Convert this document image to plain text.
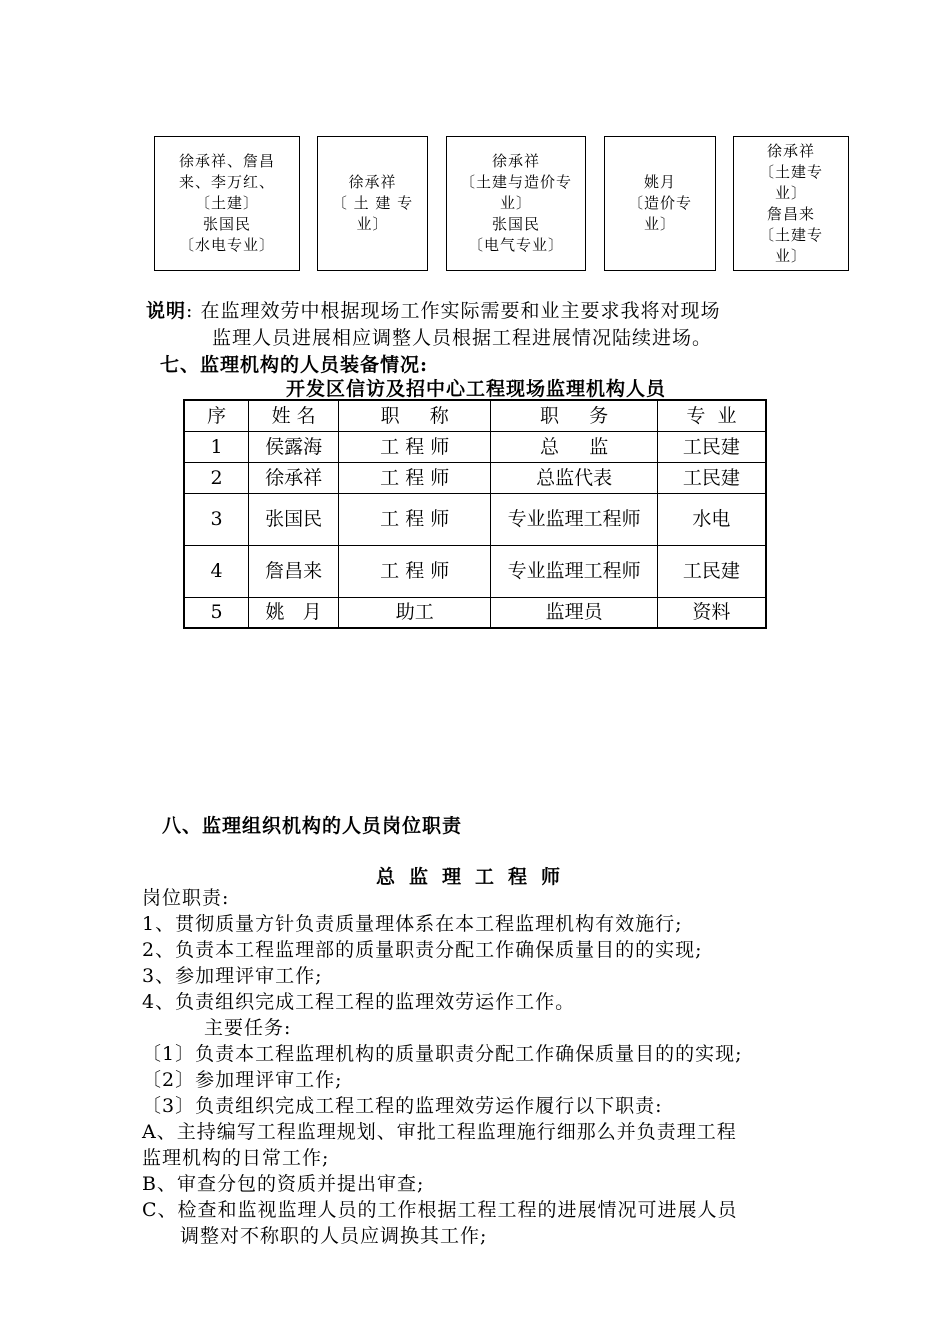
徐承祥、詹昌
来、李万红、
〔土建〕
张国民
〔水电专业〕
徐承祥
〔 土 建 专
业〕
徐承祥
〔土建与造价专
业〕
张国民
〔电气专业〕
姚月
〔造价专
业〕
徐承祥
〔土建专
业〕
詹昌来
〔土建专
业〕
说明: 在监理效劳中根据现场工作实际需要和业主要求我将对现场
监理人员进展相应调整人员根据工程进展情况陆续进场。
七、监理机构的人员装备情况:
开发区信访及招中心工程现场监理机构人员
序	姓 名	职     称	职     务	专  业
1	侯露海	工 程 师	总     监	工民建
2	徐承祥	工 程 师	总监代表	工民建
3	张国民	工 程 师	专业监理工程师	水电
4	詹昌来	工 程 师	专业监理工程师	工民建
5	姚   月	助工	监理员	资料
八、监理组织机构的人员岗位职责
总监理工程师

岗位职责:

1、贯彻质量方针负责质量理体系在本工程监理机构有效施行;

2、负责本工程监理部的质量职责分配工作确保质量目的的实现;

3、参加理评审工作;

4、负责组织完成工程工程的监理效劳运作工作。

主要任务:

〔1〕负责本工程监理机构的质量职责分配工作确保质量目的的实现;

〔2〕参加理评审工作;

〔3〕负责组织完成工程工程的监理效劳运作履行以下职责:

A、主持编写工程监理规划、审批工程监理施行细那么并负责理工程

监理机构的日常工作;

B、审查分包的资质并提出审查;

C、检查和监视监理人员的工作根据工程工程的进展情况可进展人员

调整对不称职的人员应调换其工作;
